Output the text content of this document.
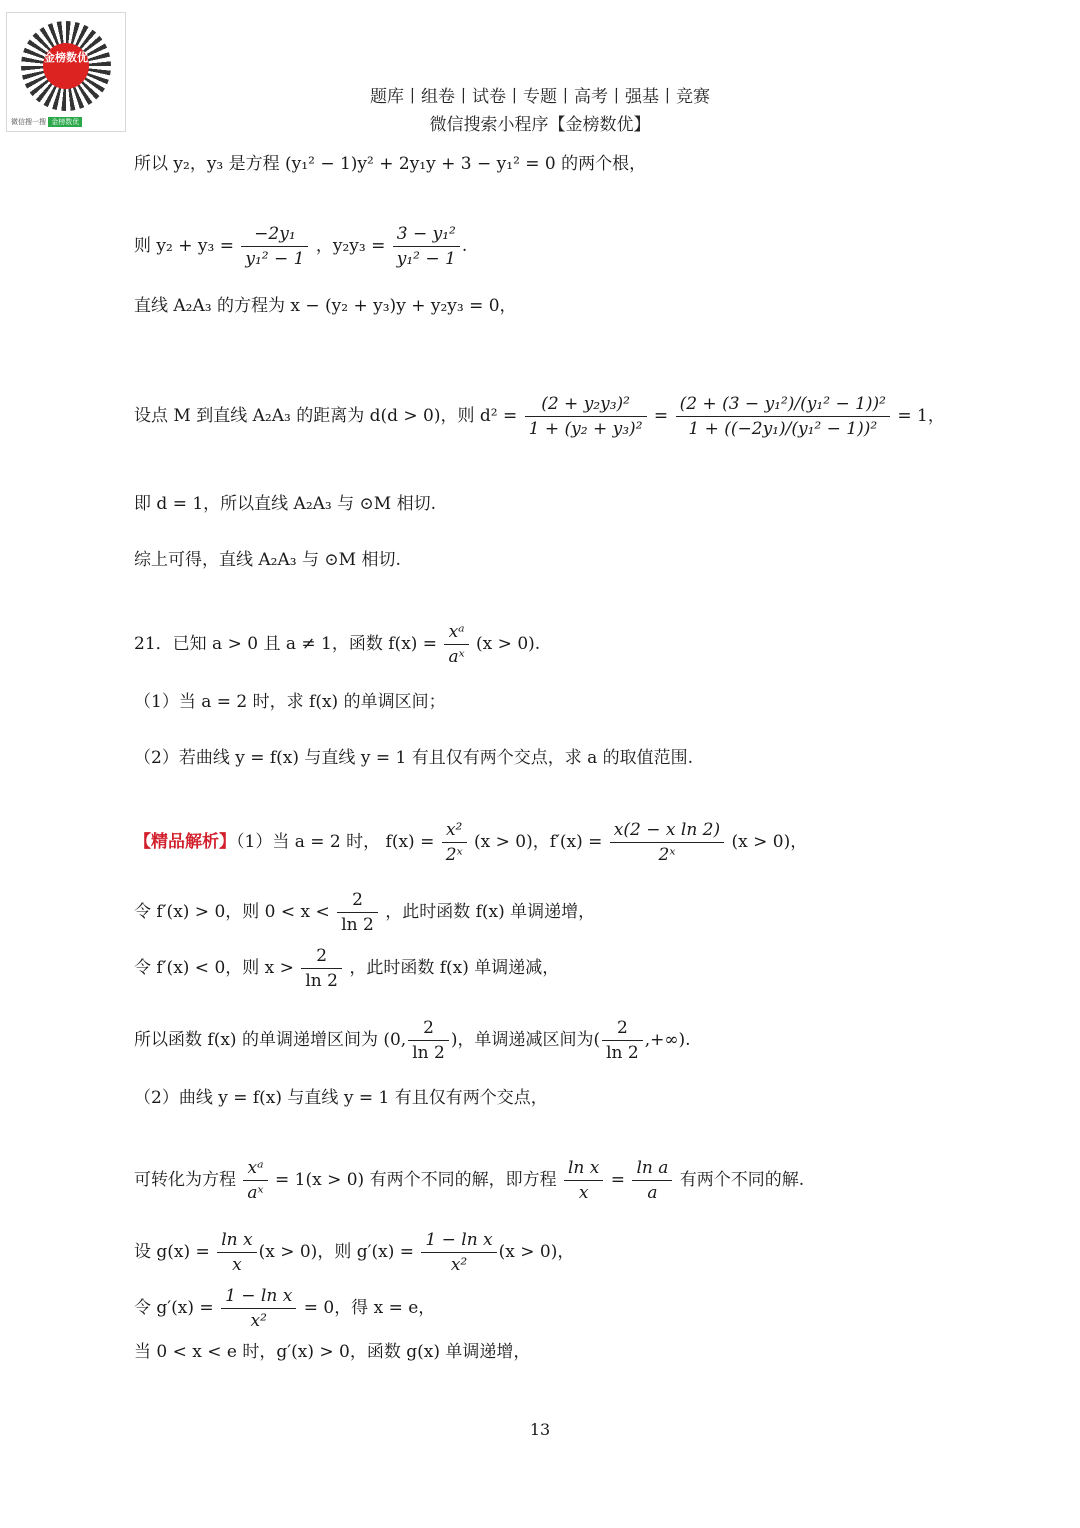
金榜数优
微信搜一搜 金榜数优
题库丨组卷丨试卷丨专题丨高考丨强基丨竞赛
微信搜索小程序【金榜数优】
所以 y₂，y₃ 是方程 (y₁² − 1)y² + 2y₁y + 3 − y₁² = 0 的两个根，
则 $y_2 + y_3 = \frac{\text{−2y₁}}{\text{y₁² − 1}}$ ，$y_2y_3 = \frac{\text{3 − y₁²}}{\text{y₁² − 1}}$ .
直线 A₂A₃ 的方程为 x − (y₂ + y₃)y + y₂y₃ = 0，
设点 M 到直线 A₂A₃ 的距离为 d(d > 0)，则 $d^2 = \frac{\text{(2 + y₂y₃)²}}{\text{1 + (y₂ + y₃)²}} = \frac{\text{(2 + (3 − y₁²)/(y₁² − 1))²}}{\text{1 + ((−2y₁)/(y₁² − 1))²}} = 1$，
即 d = 1，所以直线 A₂A₃ 与 ⊙M 相切.
综上可得，直线 A₂A₃ 与 ⊙M 相切.
21．已知 a > 0 且 a ≠ 1，函数 $f(x) = \frac{\text{xᵃ}}{\text{aˣ}} (x > 0)$.
（1）当 a = 2 时，求 f(x) 的单调区间；
（2）若曲线 y = f(x) 与直线 y = 1 有且仅有两个交点，求 a 的取值范围.
【精品解析】（1）当 a = 2 时， $f(x) = \frac{\text{x²}}{\text{2ˣ}} (x > 0)$，$f'(x) = \frac{\text{x(2 − x ln 2)}}{\text{2ˣ}} (x > 0)$，
令 f′(x) > 0，则 $0 < x < \frac{2}{\ln 2}$ ，此时函数 f(x) 单调递增，
令 f′(x) < 0，则 $x > \frac{2}{\ln 2}$ ，此时函数 f(x) 单调递减，
所以函数 f(x) 的单调递增区间为 (0, $\frac{2}{\ln 2}$ )，单调递减区间为( $\frac{2}{\ln 2}$ ,+∞).
（2）曲线 y = f(x) 与直线 y = 1 有且仅有两个交点，
可转化为方程 $\frac{\text{xᵃ}}{\text{aˣ}} = 1(x > 0)$ 有两个不同的解，即方程 $\frac{\text{ln x}}{x} = \frac{\text{ln a}}{a}$ 有两个不同的解.
设 $g(x) = \frac{\text{ln x}}{x} (x > 0)$，则 $g'(x) = \frac{\text{1 − ln x}}{\text{x²}} (x > 0)$，
令 $g'(x) = \frac{\text{1 − ln x}}{\text{x²}} = 0$，得 x = e，
当 0 < x < e 时，g′(x) > 0，函数 g(x) 单调递增，
13
